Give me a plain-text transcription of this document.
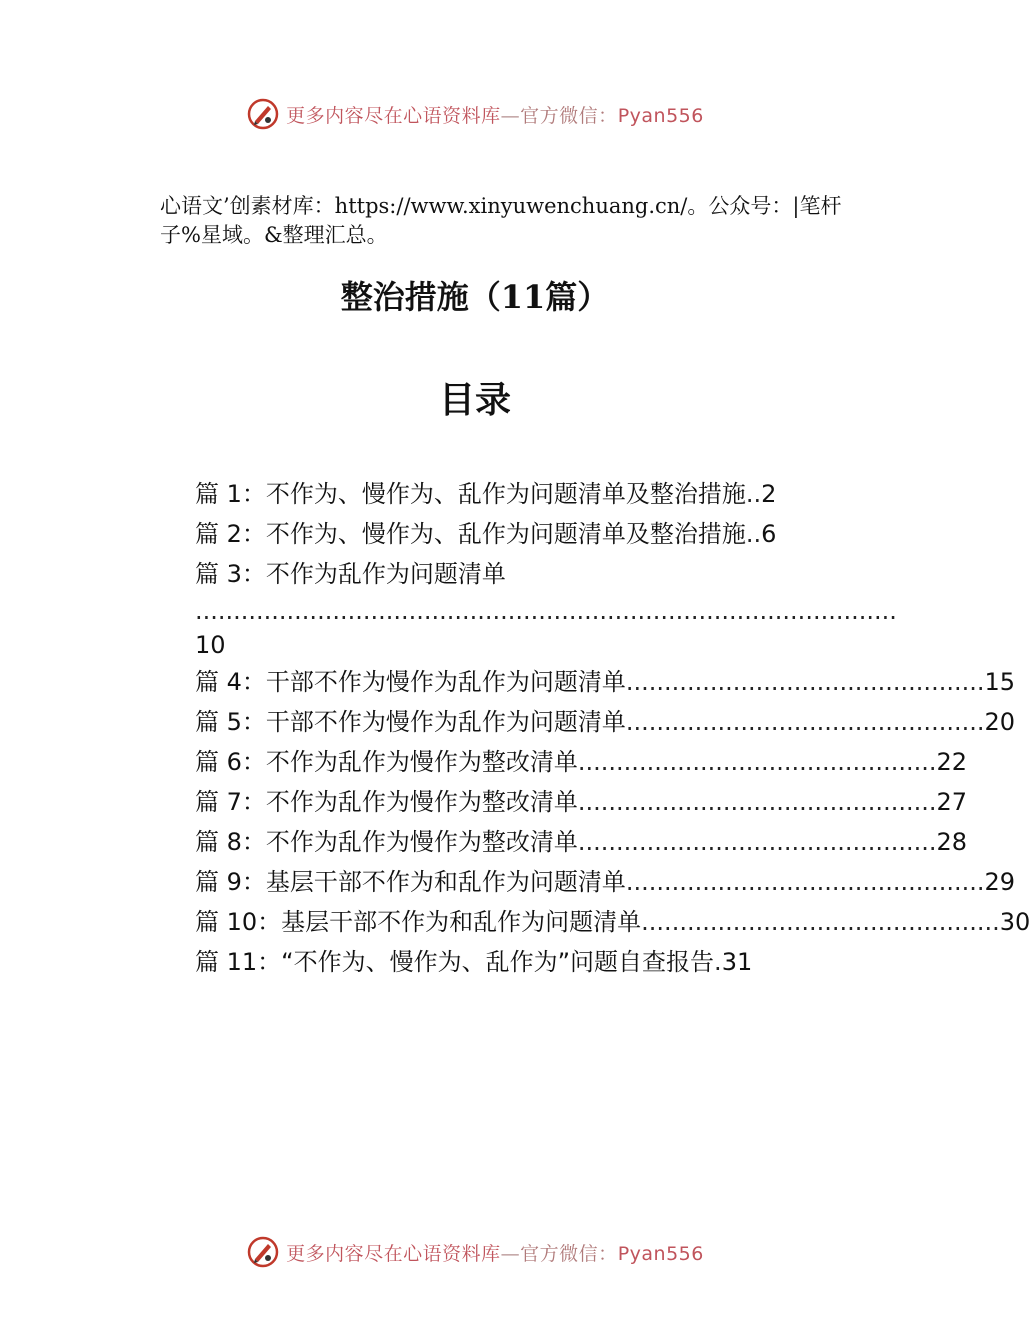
更多内容尽在心语资料库—官方微信：Pyan556
心语文’创素材库：https://www.xinyuwenchuang.cn/。公众号：|笔杆子%星域。&整理汇总。
整治措施（11篇）
目录
篇 1：不作为、慢作为、乱作为问题清单及整治措施 .. 2
篇 2：不作为、慢作为、乱作为问题清单及整治措施 .. 6
篇 3：不作为乱作为问题清单
............................................................................................
10
篇 4：干部不作为慢作为乱作为问题清单 ............................................... 15
篇 5：干部不作为慢作为乱作为问题清单 ............................................... 20
篇 6：不作为乱作为慢作为整改清单 ............................................... 22
篇 7：不作为乱作为慢作为整改清单 ............................................... 27
篇 8：不作为乱作为慢作为整改清单 ............................................... 28
篇 9：基层干部不作为和乱作为问题清单 ............................................... 29
篇 10：基层干部不作为和乱作为问题清单 ............................................... 30
篇 11：“不作为、慢作为、乱作为”问题自查报告 . 31
更多内容尽在心语资料库—官方微信：Pyan556
